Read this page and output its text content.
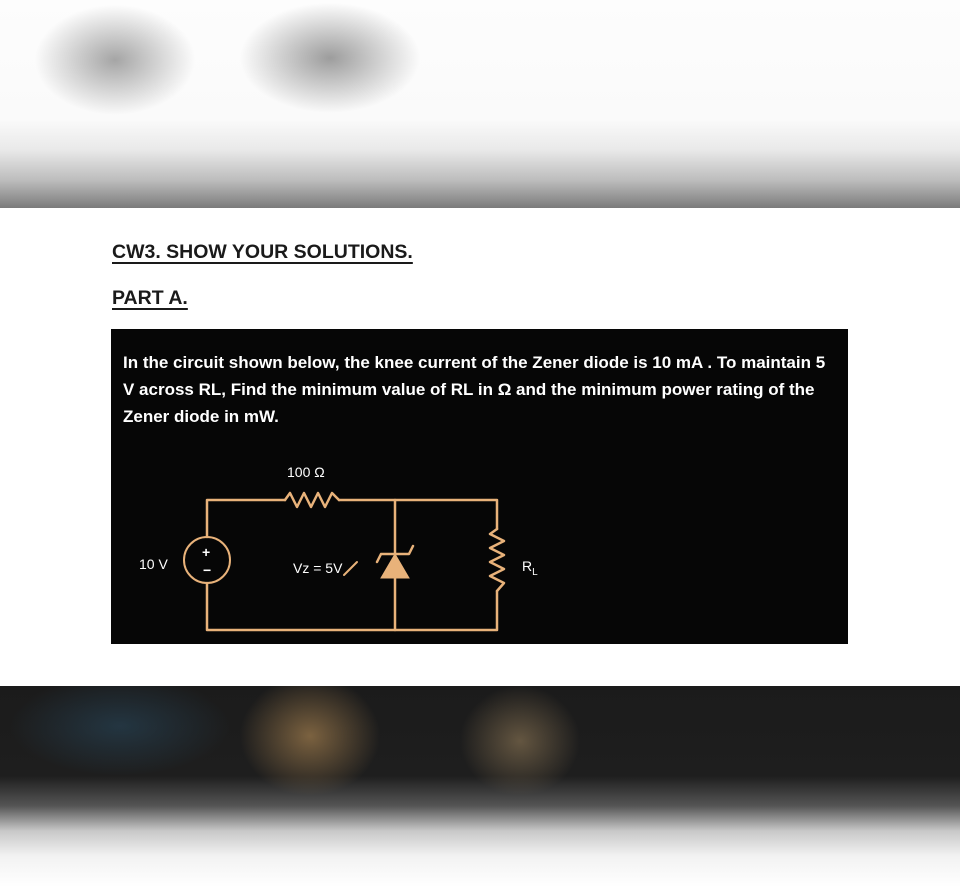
CW3. SHOW YOUR SOLUTIONS.
PART A.

In the circuit shown below, the knee current of the Zener diode is 10 mA . To maintain 5 V across RL, Find the minimum value of RL in Ω and the minimum power rating of the Zener diode in mW.

100 Ω
10 V	Vz = 5V	$R_L$
+
−
